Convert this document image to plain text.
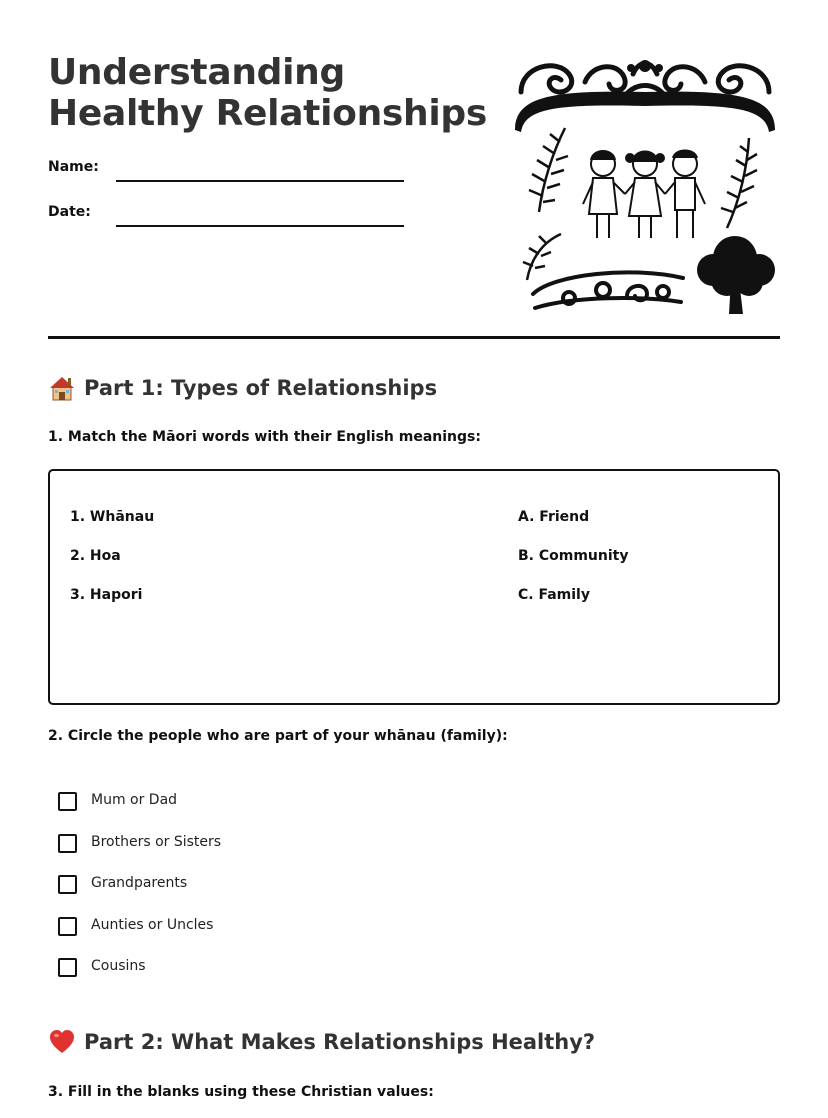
Understanding Healthy Relationships
Name:
Date:
Part 1: Types of Relationships
1. Match the Māori words with their English meanings:
1. Whānau
2. Hoa
3. Hapori
A. Friend
B. Community
C. Family
2. Circle the people who are part of your whānau (family):
Mum or Dad
Brothers or Sisters
Grandparents
Aunties or Uncles
Cousins
Part 2: What Makes Relationships Healthy?
3. Fill in the blanks using these Christian values:
